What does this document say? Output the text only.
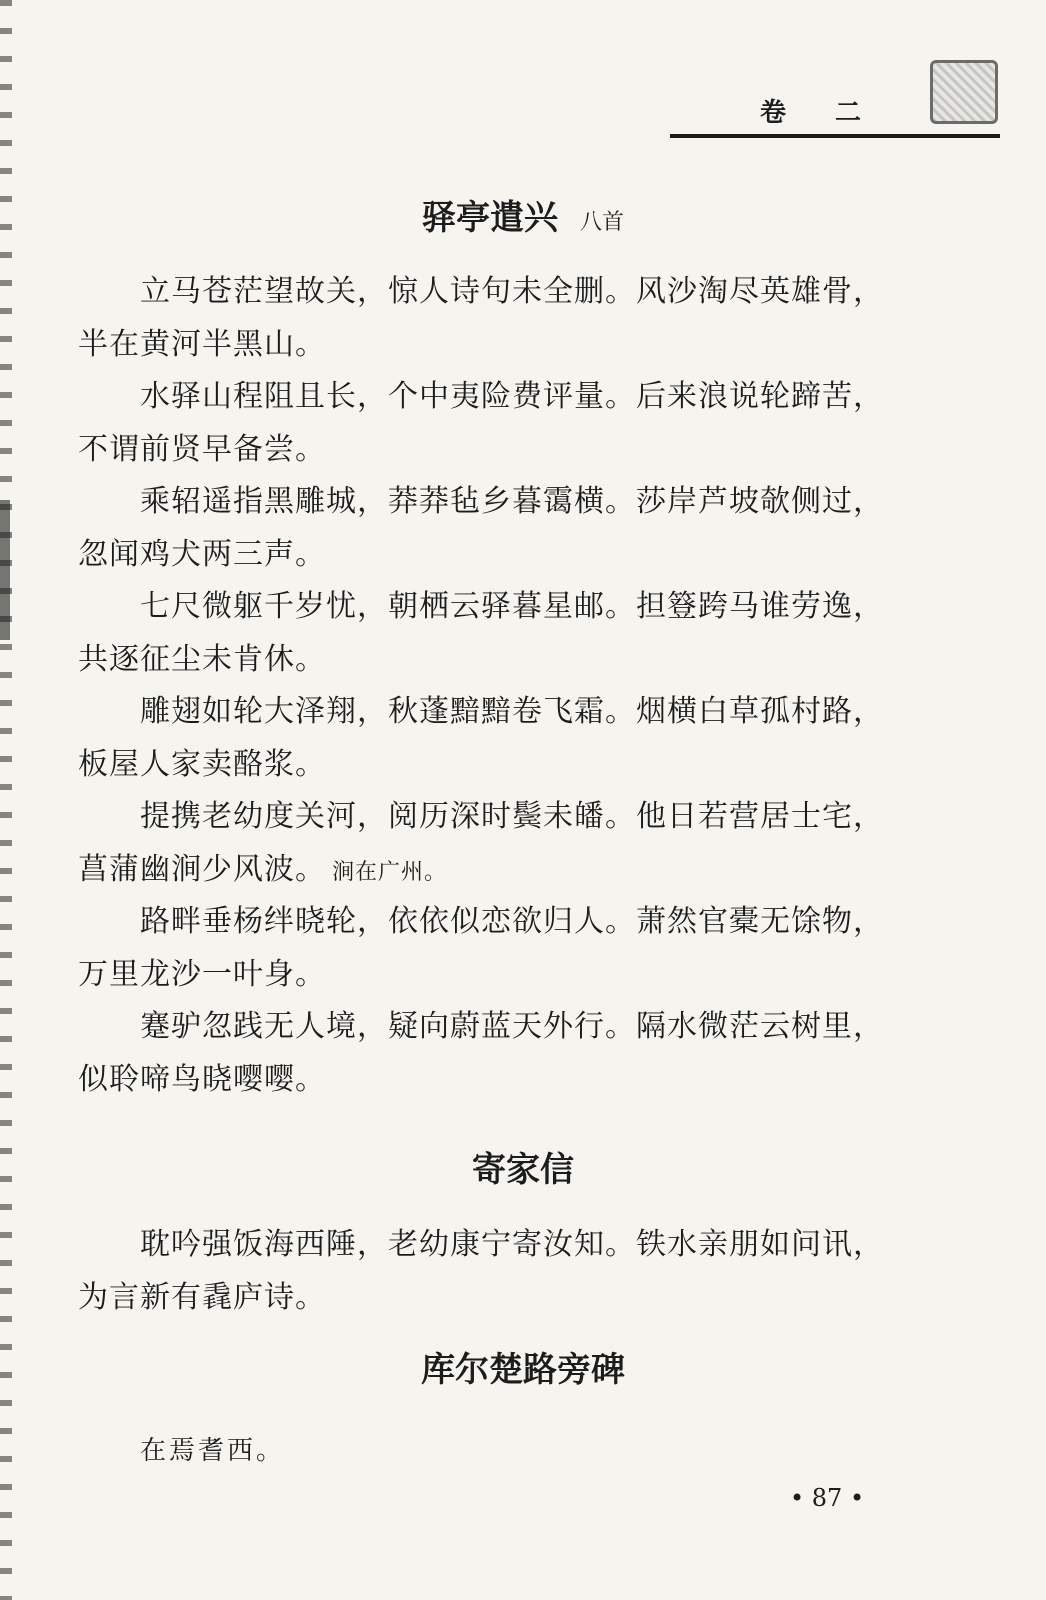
卷 二
驿亭遣兴 八首
立马苍茫望故关，惊人诗句未全删。风沙淘尽英雄骨，
半在黄河半黑山。
水驿山程阻且长，个中夷险费评量。后来浪说轮蹄苦，
不谓前贤早备尝。
乘轺遥指黑雕城，莽莽毡乡暮霭横。莎岸芦坡欹侧过，
忽闻鸡犬两三声。
七尺微躯千岁忧，朝栖云驿暮星邮。担簦跨马谁劳逸，
共逐征尘未肯休。
雕翅如轮大泽翔，秋蓬黯黯卷飞霜。烟横白草孤村路，
板屋人家卖酪浆。
提携老幼度关河，阅历深时鬓未皤。他日若营居士宅，
菖蒲幽涧少风波。 涧在广州。
路畔垂杨绊晓轮，依依似恋欲归人。萧然官橐无馀物，
万里龙沙一叶身。
蹇驴忽践无人境，疑向蔚蓝天外行。隔水微茫云树里，
似聆啼鸟晓嘤嘤。
寄家信
耽吟强饭海西陲，老幼康宁寄汝知。铁水亲朋如问讯，
为言新有毳庐诗。
库尔楚路旁碑
在焉耆西。
• 87 •
